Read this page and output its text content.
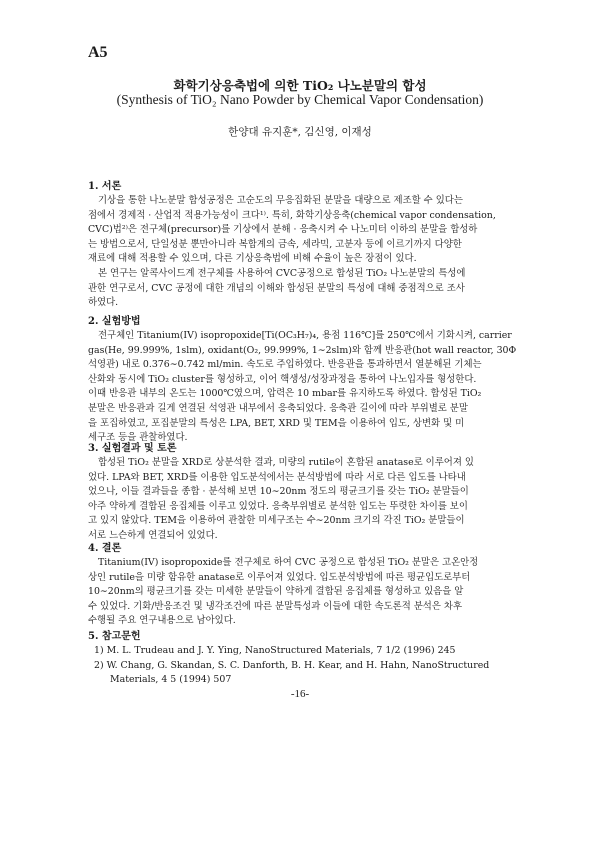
A5
화학기상응축법에 의한 TiO₂ 나노분말의 합성
(Synthesis of TiO₂ Nano Powder by Chemical Vapor Condensation)
한양대 유지훈*, 김신영, 이재성
1. 서론
기상을 통한 나노분말 합성공정은 고순도의 무응집화된 분말을 대량으로 제조할 수 있다는
점에서 경제적 · 산업적 적용가능성이 크다¹⁾. 특히, 화학기상응축(chemical vapor condensation,
CVC)법²⁾은 전구체(precursor)를 기상에서 분해 · 응축시켜 수 나노미터 이하의 분말을 합성하
는 방법으로서, 단일성분 뿐만아니라 복합계의 금속, 세라믹, 고분자 등에 이르기까지 다양한
재료에 대해 적용할 수 있으며, 다른 기상응축법에 비해 수율이 높은 장점이 있다.
본 연구는 알콕사이드계 전구체를 사용하여 CVC공정으로 합성된 TiO₂ 나노분말의 특성에
관한 연구로서, CVC 공정에 대한 개념의 이해와 합성된 분말의 특성에 대해 중점적으로 조사
하였다.
2. 실험방법
전구체인 Titanium(IV) isopropoxide[Ti(OC₃H₇)₄, 용점 116℃]를 250℃에서 기화시켜, carrier
gas(He, 99.999%, 1slm), oxidant(O₂, 99.999%, 1∼2slm)와 함께 반응관(hot wall reactor, 30Φ
석영관) 내로 0.376∼0.742 ml/min. 속도로 주입하였다. 반응관을 통과하면서 열분해된 기체는
산화와 동시에 TiO₂ cluster를 형성하고, 이어 핵생성/성장과정을 통하여 나노입자를 형성한다.
이때 반응관 내부의 온도는 1000℃였으며, 압력은 10 mbar를 유지하도록 하였다. 합성된 TiO₂
분말은 반응관과 길게 연결된 석영관 내부에서 응축되었다. 응축관 길이에 따라 부위별로 분말
을 포집하였고, 포집분말의 특성은 LPA, BET, XRD 및 TEM을 이용하여 입도, 상변화 및 미
세구조 등을 관찰하였다.
3. 실험결과 및 토론
합성된 TiO₂ 분말을 XRD로 상분석한 결과, 미량의 rutile이 혼합된 anatase로 이루어져 있
었다. LPA와 BET, XRD를 이용한 입도분석에서는 분석방법에 따라 서로 다른 입도를 나타내
었으나, 이들 결과들을 종합 · 분석해 보면 10∼20nm 정도의 평균크기를 갖는 TiO₂ 분말들이
아주 약하게 결합된 응집체를 이루고 있었다. 응축부위별로 분석한 입도는 뚜렷한 차이를 보이
고 있지 않았다. TEM을 이용하여 관찰한 미세구조는 수∼20nm 크기의 각진 TiO₂ 분말들이
서로 느슨하게 연결되어 있었다.
4. 결론
Titanium(IV) isopropoxide를 전구체로 하여 CVC 공정으로 합성된 TiO₂ 분말은 고온안정
상인 rutile을 미량 함유한 anatase로 이루어져 있었다. 입도분석방법에 따른 평균입도로부터
10∼20nm의 평균크기를 갖는 미세한 분말들이 약하게 결합된 응집체를 형성하고 있음을 알
수 있었다. 기화/반응조건 및 냉각조건에 따른 분말특성과 이들에 대한 속도론적 분석은 차후
수행될 주요 연구내용으로 남아있다.
5. 참고문헌
1) M. L. Trudeau and J. Y. Ying, NanoStructured Materials, 7 1/2 (1996) 245
2) W. Chang, G. Skandan, S. C. Danforth, B. H. Kear, and H. Hahn, NanoStructured
Materials, 4 5 (1994) 507
-16-
